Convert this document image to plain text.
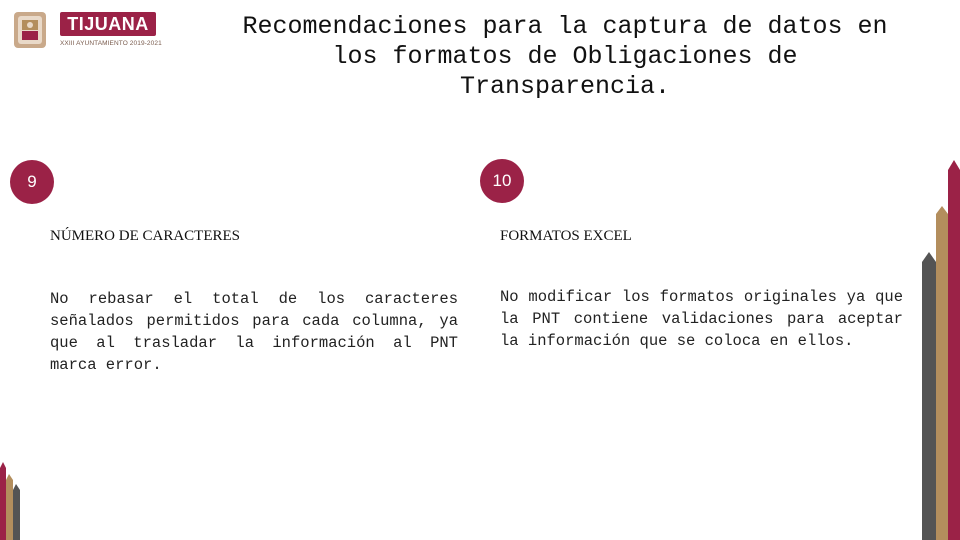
TIJUANA
XXIII AYUNTAMIENTO 2019-2021
Recomendaciones para la captura de datos en los formatos de Obligaciones de Transparencia.
9
NÚMERO DE CARACTERES
No rebasar el total de los caracteres señalados permitidos para cada columna, ya que al trasladar la información al PNT marca error.
10
FORMATOS EXCEL
No modificar los formatos originales ya que la PNT contiene validaciones para aceptar la información que se coloca en ellos.
